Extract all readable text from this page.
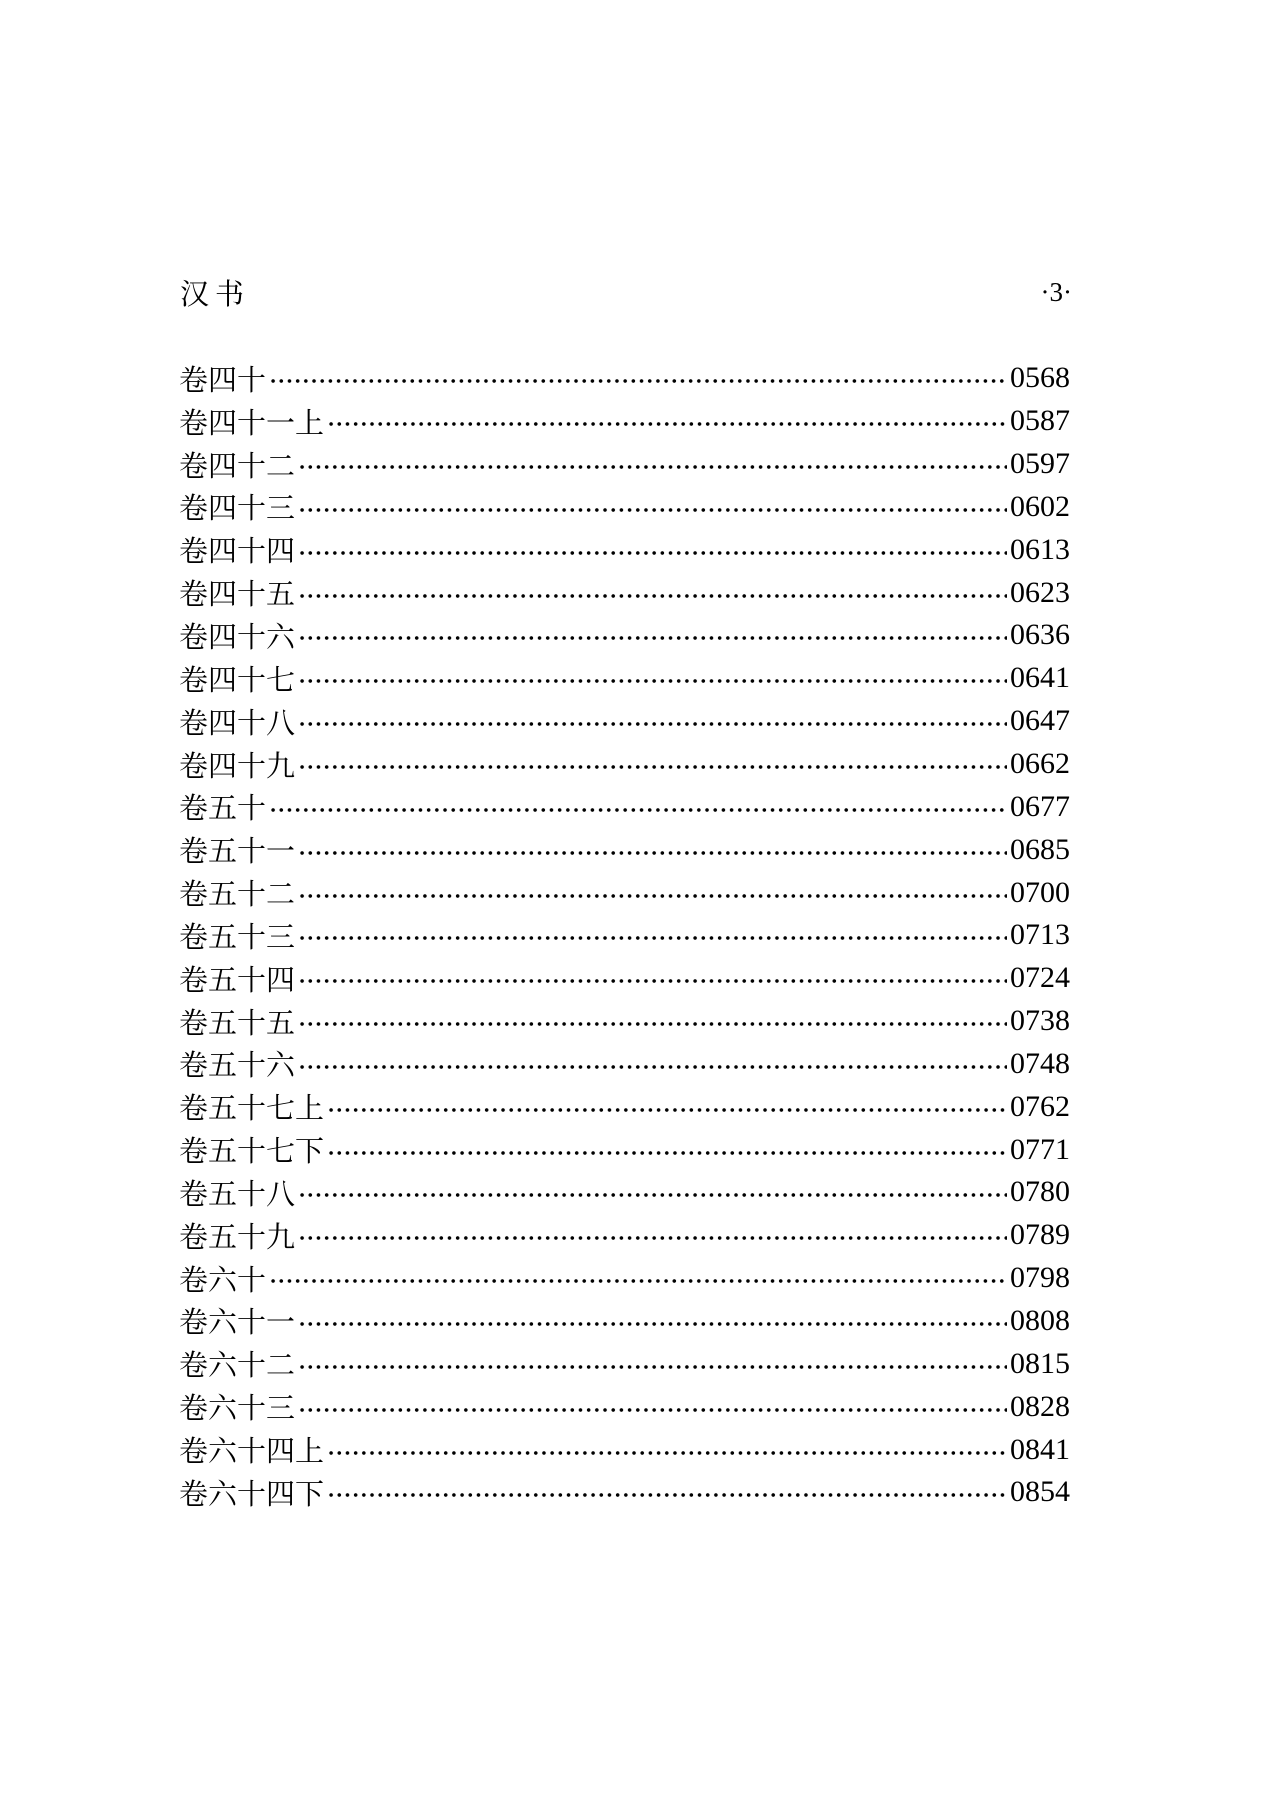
汉书	·3·
卷四十	0568
卷四十一上	0587
卷四十二	0597
卷四十三	0602
卷四十四	0613
卷四十五	0623
卷四十六	0636
卷四十七	0641
卷四十八	0647
卷四十九	0662
卷五十	0677
卷五十一	0685
卷五十二	0700
卷五十三	0713
卷五十四	0724
卷五十五	0738
卷五十六	0748
卷五十七上	0762
卷五十七下	0771
卷五十八	0780
卷五十九	0789
卷六十	0798
卷六十一	0808
卷六十二	0815
卷六十三	0828
卷六十四上	0841
卷六十四下	0854
